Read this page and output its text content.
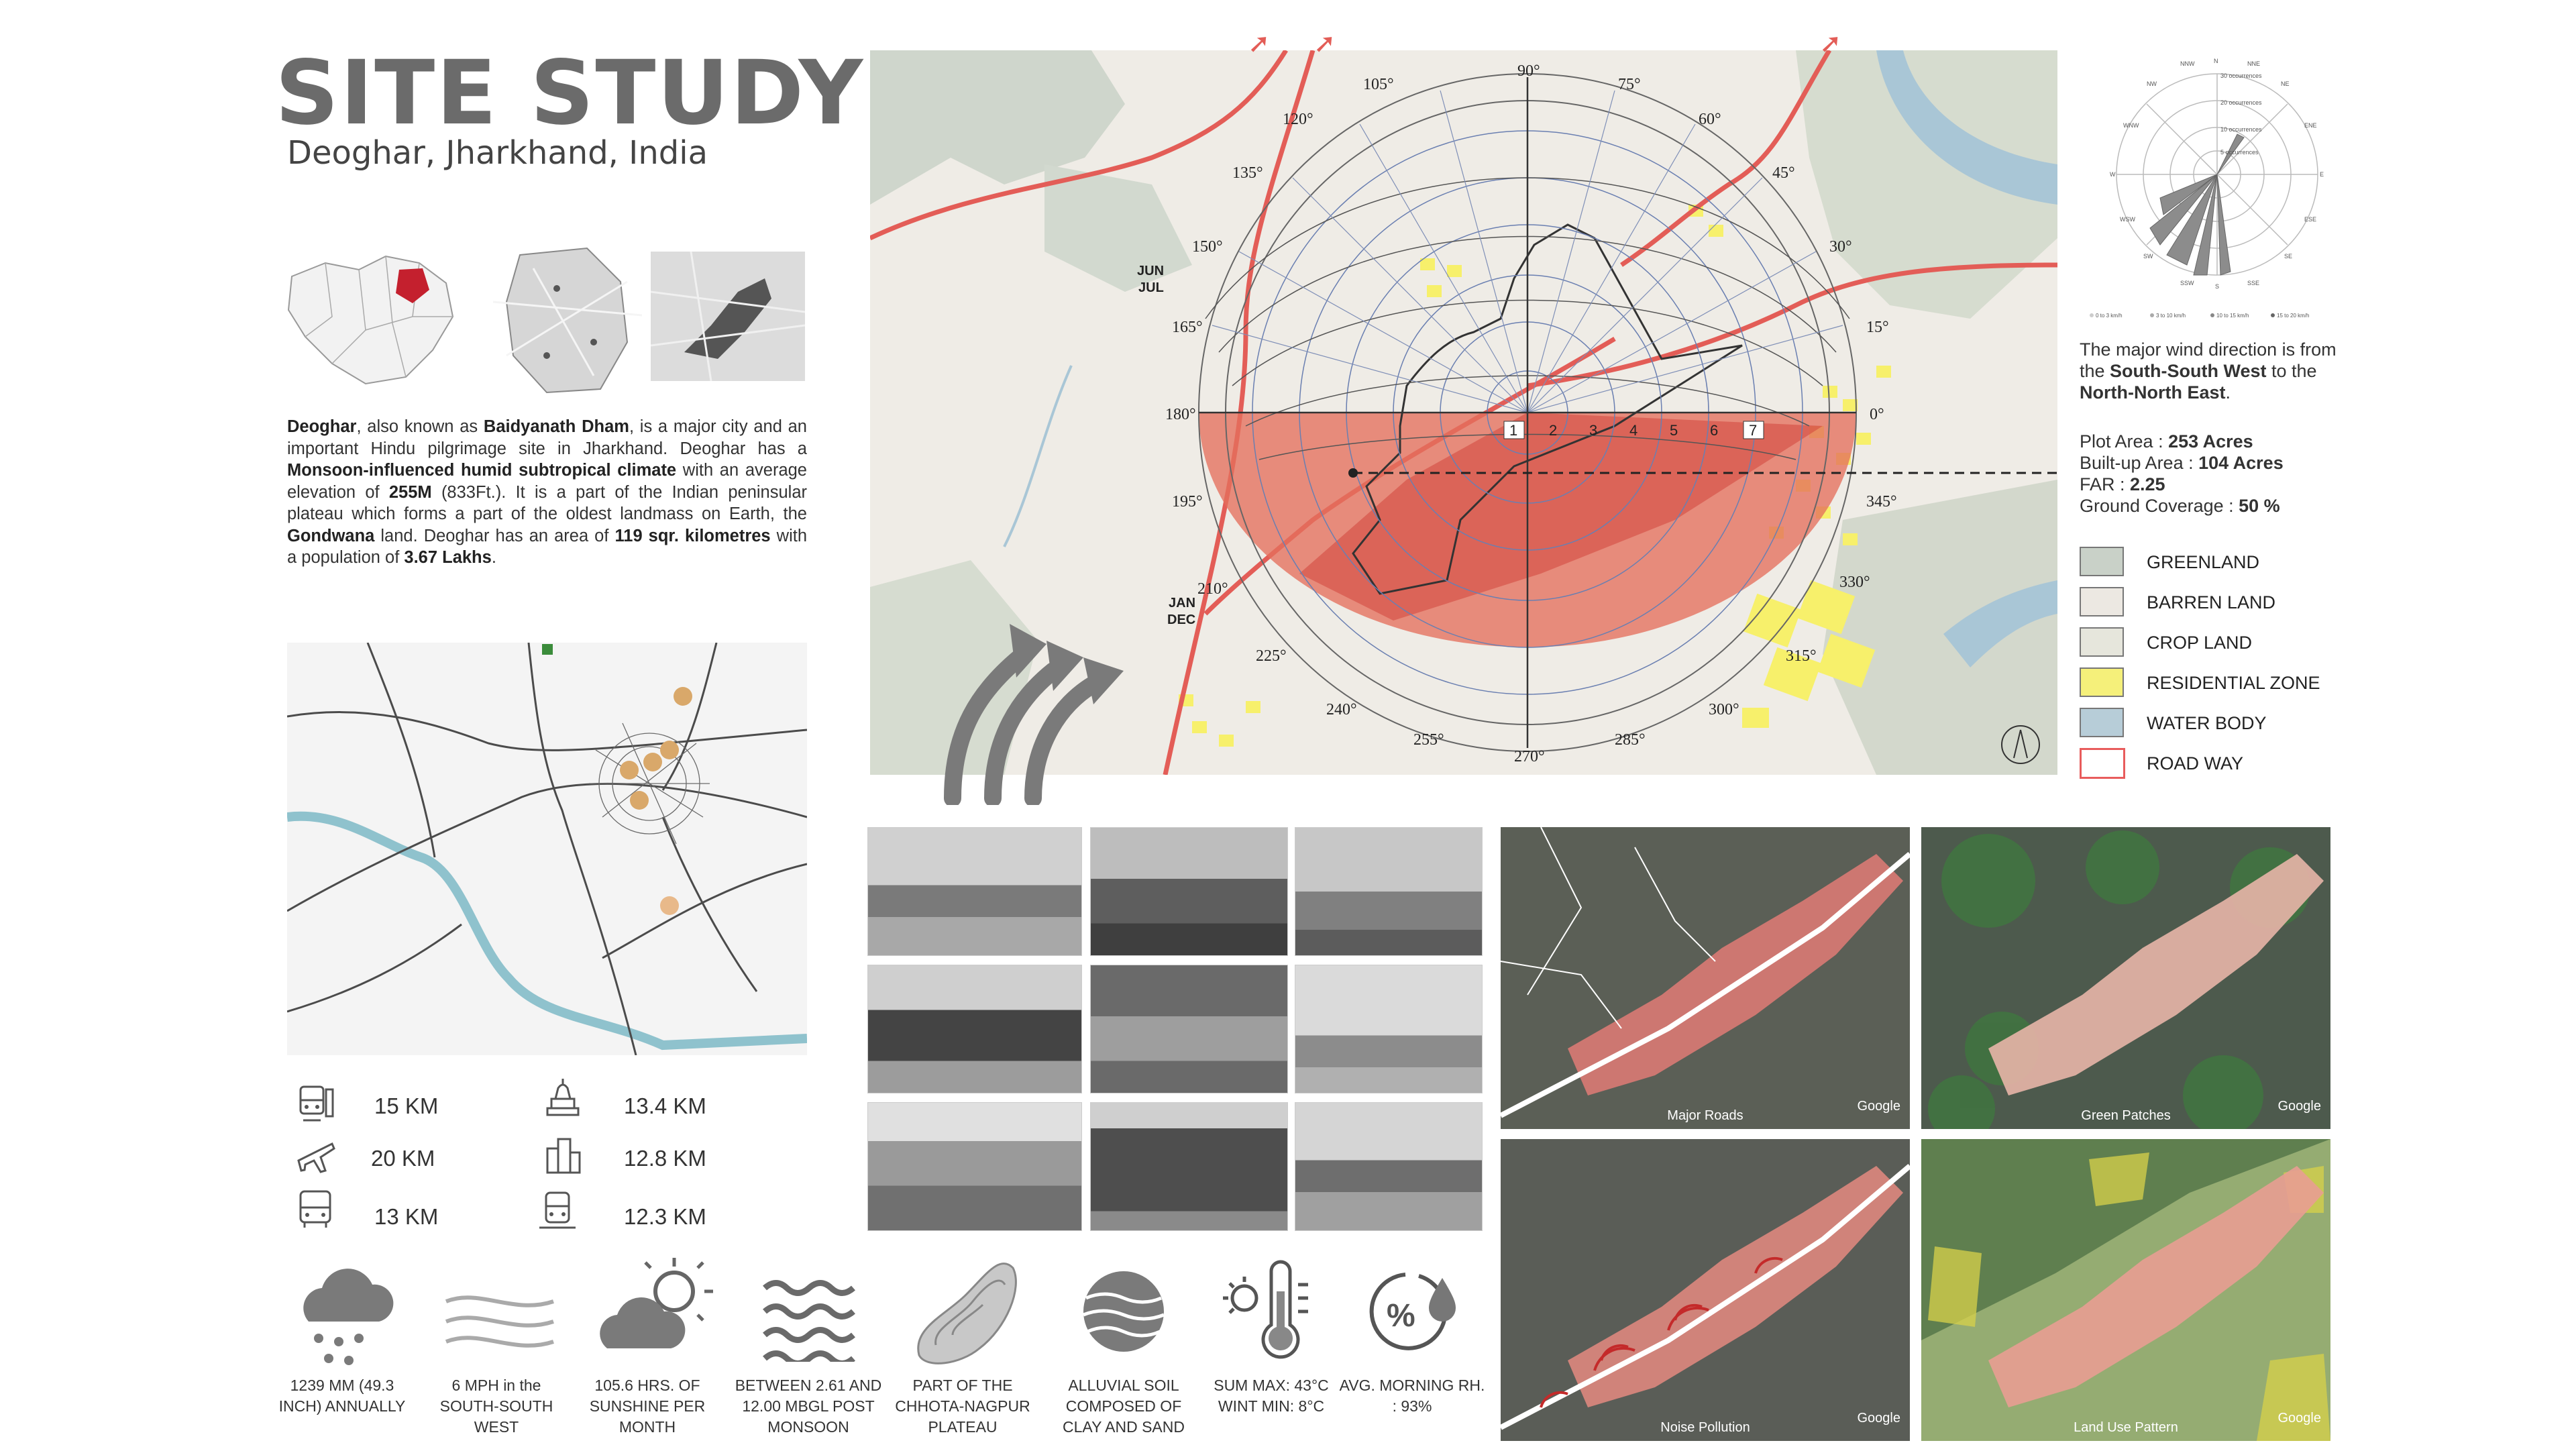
SITE STUDY
Deoghar, Jharkhand, India
Deoghar, also known as Baidyanath Dham, is a major city and an important Hindu pilgrimage site in Jharkhand. Deoghar has a Monsoon-influenced humid subtropical climate with an average elevation of 255M (833Ft.). It is a part of the Indian peninsular plateau which forms a part of the oldest landmass on Earth, the Gondwana land. Deoghar has an area of 119 sqr. kilometres with a population of 3.67 Lakhs.
15 KM
20 KM
13 KM
13.4 KM
12.8 KM
12.3 KM
1 2 3 4 5 6 7
90°
75°
60°
45°
30°
15°
0°
345°
330°
315°
300°
285°
270°
255°
240°
225°
210°
195°
180°
165°
150°
135°
120°
105°
JUN
JUL
JAN
DEC
➚ ➚	➚
NNW	N	NNE
NW	NE
WNW	ENE
W	E
WSW	ESE
SW	SE
SSW	S	SSE
30 occurrences
20 occurrences
10 occurrences
5 occurrences
0 to 3 km/h	3 to 10 km/h	10 to 15 km/h	15 to 20 km/h
The major wind direction is from the South-South West to the North-North East.
Plot Area : 253 Acres
Built-up Area : 104 Acres
FAR : 2.25
Ground Coverage : 50 %
GREENLAND
BARREN LAND
CROP LAND
RESIDENTIAL ZONE
WATER BODY
ROAD WAY
Major Roads
Google
Green Patches
Google
Noise Pollution
Google
Land Use Pattern
Google
%
1239 MM (49.3 INCH) ANNUALLY
6 MPH in the SOUTH-SOUTH WEST
105.6 HRS. OF SUNSHINE PER MONTH
BETWEEN 2.61 AND 12.00 MBGL POST MONSOON
PART OF THE CHHOTA-NAGPUR PLATEAU
ALLUVIAL SOIL COMPOSED OF CLAY AND SAND
SUM MAX: 43°C WINT MIN: 8°C
AVG. MORNING RH. : 93%
